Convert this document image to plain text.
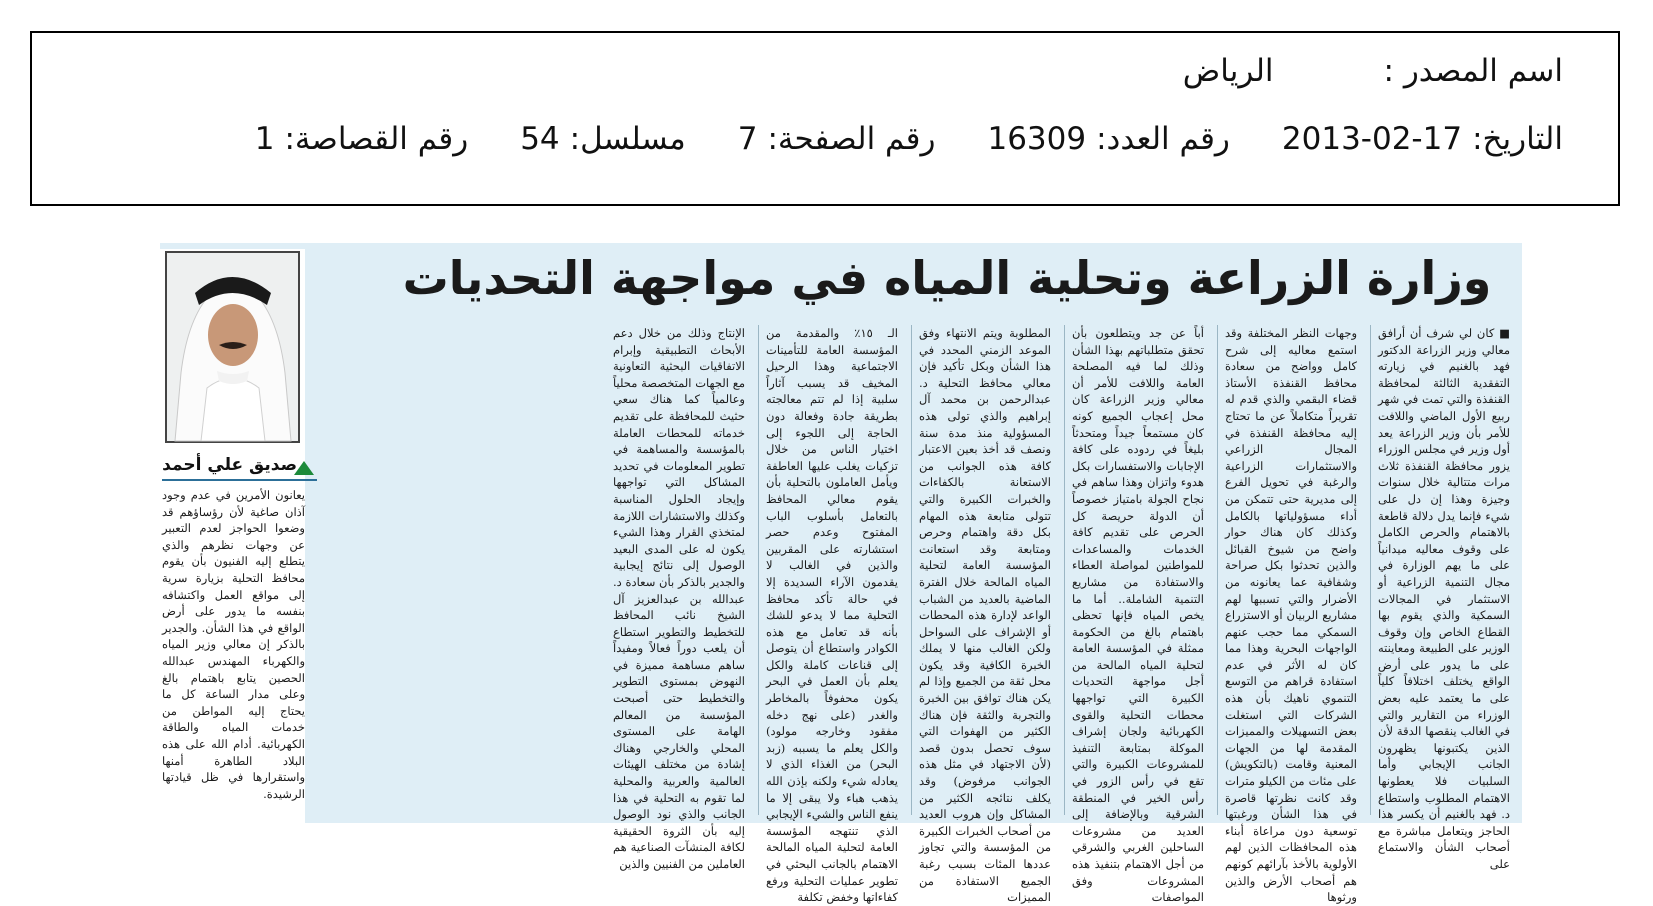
اسم المصدر :
الرياض
التاريخ:
2013-02-17
رقم العدد:
16309
رقم الصفحة:
7
مسلسل:
54
رقم القصاصة:
1
وزارة الزراعة وتحلية المياه في مواجهة التحديات
■ كان لي شرف أن أرافق معالي وزير الزراعة الدكتور فهد بالغنيم في زيارته التفقدية الثالثة لمحافظة القنفذة والتي تمت في شهر ربيع الأول الماضي واللافت للأمر بأن وزير الزراعة يعد أول وزير في مجلس الوزراء يزور محافظة القنفذة ثلاث مرات متتالية خلال سنوات وجيزة وهذا إن دل على شيء فإنما يدل دلالة قاطعة بالاهتمام والحرص الكامل على وقوف معاليه ميدانياً على ما يهم الوزارة في مجال التنمية الزراعية أو الاستثمار في المجالات السمكية والذي يقوم بها القطاع الخاص وإن وقوف الوزير على الطبيعة ومعاينته على ما يدور على أرض الواقع يختلف اختلافاً كلياً على ما يعتمد عليه بعض الوزراء من التقارير والتي في الغالب ينقصها الدقة لأن الذين يكتبونها يظهرون الجانب الإيجابي وأما السلبيات فلا يعطونها الاهتمام المطلوب واستطاع د. فهد بالغنيم أن يكسر هذا الحاجز ويتعامل مباشرة مع أصحاب الشأن والاستماع على
وجهات النظر المختلفة وقد استمع معاليه إلى شرح كامل وواضح من سعادة محافظ القنفذة الأستاذ قضاء البقمي والذي قدم له تقريراً متكاملاً عن ما تحتاج إليه محافظة القنفذة في المجال الزراعي والاستثمارات الزراعية والرغبة في تحويل الفرع إلى مديرية حتى تتمكن من أداء مسؤولياتها بالكامل وكذلك كان هناك حوار واضح من شيوخ القبائل والذين تحدثوا بكل صراحة وشفافية عما يعانونه من الأضرار والتي تسببها لهم مشاريع الربيان أو الاستزراع السمكي مما حجب عنهم الواجهات البحرية وهذا مما كان له الأثر في عدم استفادة قراهم من التوسع التنموي ناهيك بأن هذه الشركات التي استغلت بعض التسهيلات والمميزات المقدمة لها من الجهات المعنية وقامت (بالتكويش) على مئات من الكيلو مترات وقد كانت نظرتها قاصرة في هذا الشأن ورغبتها توسعية دون مراعاة أبناء هذه المحافظات الذين لهم الأولوية بالأخذ بآرائهم كونهم هم أصحاب الأرض والذين ورثوها
أباً عن جد ويتطلعون بأن تحقق متطلباتهم بهذا الشأن وذلك لما فيه المصلحة العامة واللافت للأمر أن معالي وزير الزراعة كان محل إعجاب الجميع كونه كان مستمعاً جيداً ومتحدثاً بليغاً في ردوده على كافة الإجابات والاستفسارات بكل هدوء واتزان وهذا ساهم في نجاح الجولة بامتياز خصوصاً أن الدولة حريصة كل الحرص على تقديم كافة الخدمات والمساعدات للمواطنين لمواصلة العطاء والاستفادة من مشاريع التنمية الشاملة.. أما ما يخص المياه فإنها تحظى باهتمام بالغ من الحكومة ممثلة في المؤسسة العامة لتحلية المياه المالحة من أجل مواجهة التحديات الكبيرة التي تواجهها محطات التحلية والقوى الكهربائية ولجان إشراف الموكلة بمتابعة التنفيذ للمشروعات الكبيرة والتي تقع في رأس الزور في رأس الخير في المنطقة الشرقية وبالإضافة إلى العديد من مشروعات الساحلين الغربي والشرقي من أجل الاهتمام بتنفيذ هذه المشروعات وفق المواصفات
المطلوبة ويتم الانتهاء وفق الموعد الزمني المحدد في هذا الشأن وبكل تأكيد فإن معالي محافظ التحلية د. عبدالرحمن بن محمد آل إبراهيم والذي تولى هذه المسؤولية منذ مدة سنة ونصف قد أخذ بعين الاعتبار كافة هذه الجوانب من الاستعانة بالكفاءات والخبرات الكبيرة والتي تتولى متابعة هذه المهام بكل دقة واهتمام وحرص ومتابعة وقد استعانت المؤسسة العامة لتحلية المياه المالحة خلال الفترة الماضية بالعديد من الشباب الواعد لإدارة هذه المحطات أو الإشراف على السواحل ولكن الغالب منها لا يملك الخبرة الكافية وقد يكون محل ثقة من الجميع وإذا لم يكن هناك توافق بين الخبرة والتجربة والثقة فإن هناك الكثير من الهفوات التي سوف تحصل بدون قصد (لأن الاجتهاد في مثل هذه الجوانب مرفوض) وقد يكلف نتائجه الكثير من المشاكل وإن هروب العديد من أصحاب الخبرات الكبيرة من المؤسسة والتي تجاوز عددها المئات بسبب رغبة الجميع الاستفادة من المميزات
الـ ١٥٪ والمقدمة من المؤسسة العامة للتأمينات الاجتماعية وهذا الرحيل المخيف قد يسبب آثاراً سلبية إذا لم تتم معالجته بطريقة جادة وفعالة دون الحاجة إلى اللجوء إلى اختيار الناس من خلال تزكيات يغلب عليها العاطفة ويأمل العاملون بالتحلية بأن يقوم معالي المحافظ بالتعامل بأسلوب الباب المفتوح وعدم حصر استشارته على المقربين والذين في الغالب لا يقدمون الآراء السديدة إلا في حالة تأكد محافظ التحلية مما لا يدعو للشك بأنه قد تعامل مع هذه الكوادر واستطاع أن يتوصل إلى قناعات كاملة والكل يعلم بأن العمل في البحر يكون محفوفاً بالمخاطر والغدر (على نهج دخله مفقود وخارجه مولود) والكل يعلم ما يسببه (زبد البحر) من الغذاء الذي لا يعادله شيء ولكنه بإذن الله يذهب هباء ولا يبقى إلا ما ينفع الناس والشيء الإيجابي الذي تنتهجه المؤسسة العامة لتحلية المياه المالحة الاهتمام بالجانب البحثي في تطوير عمليات التحلية ورفع كفاءاتها وخفض تكلفة
الإنتاج وذلك من خلال دعم الأبحاث التطبيقية وإبرام الاتفاقيات البحثية التعاونية مع الجهات المتخصصة محلياً وعالمياً كما هناك سعي حثيث للمحافظة على تقديم خدماته للمحطات العاملة بالمؤسسة والمساهمة في تطوير المعلومات في تحديد المشاكل التي تواجهها وإيجاد الحلول المناسبة وكذلك والاستشارات اللازمة لمتخذي القرار وهذا الشيء يكون له على المدى البعيد الوصول إلى نتائج إيجابية والجدير بالذكر بأن سعادة د. عبدالله بن عبدالعزيز آل الشيخ نائب المحافظ للتخطيط والتطوير استطاع أن يلعب دوراً فعالاً ومفيداً ساهم مساهمة مميزة في النهوض بمستوى التطوير والتخطيط حتى أصبحت المؤسسة من المعالم الهامة على المستوى المحلي والخارجي وهناك إشادة من مختلف الهيئات العالمية والعربية والمحلية لما تقوم به التحلية في هذا الجانب والذي نود الوصول إليه بأن الثروة الحقيقية لكافة المنشآت الصناعية هم العاملين من الفنيين والذين
صديق علي أحمد
يعانون الأمرين في عدم وجود آذان صاغية لأن رؤساؤهم قد وضعوا الحواجز لعدم التعبير عن وجهات نظرهم والذي يتطلع إليه الفنيون بأن يقوم محافظ التحلية بزيارة سرية إلى مواقع العمل واكتشافه بنفسه ما يدور على أرض الواقع في هذا الشأن. والجدير بالذكر إن معالي وزير المياه والكهرباء المهندس عبدالله الحصين يتابع باهتمام بالغ وعلى مدار الساعة كل ما يحتاج إليه المواطن من خدمات المياه والطاقة الكهربائية. أدام الله على هذه البلاد الطاهرة أمنها واستقرارها في ظل قيادتها الرشيدة.
